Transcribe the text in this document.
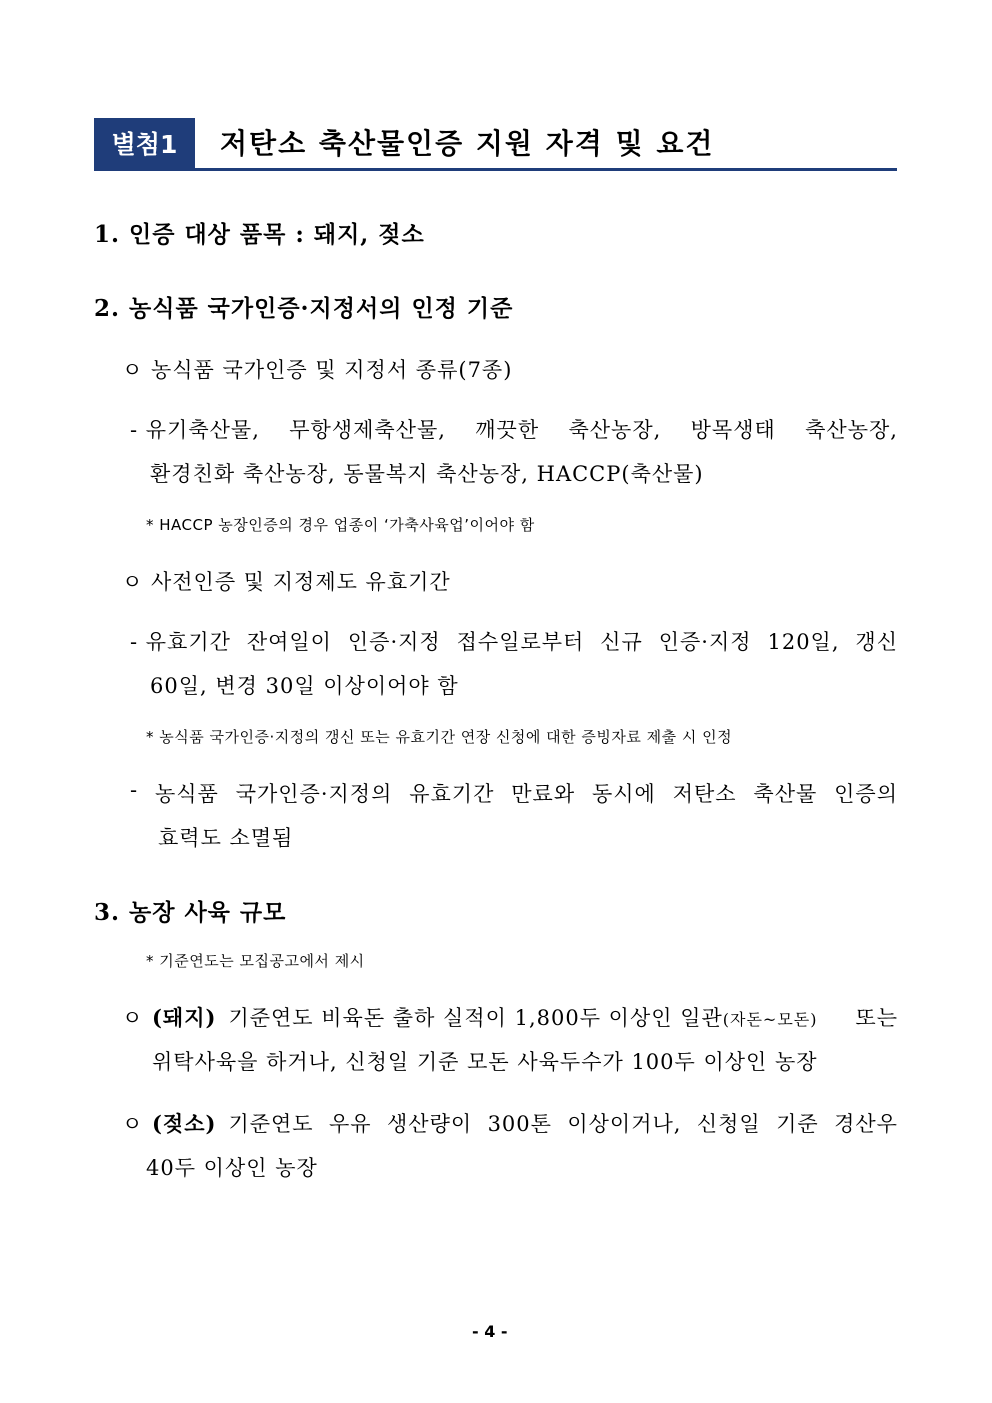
별첨1	저탄소 축산물인증 지원 자격 및 요건
1. 인증 대상 품목 : 돼지, 젖소
2. 농식품 국가인증·지정서의 인정 기준
ㅇ 농식품 국가인증 및 지정서 종류(7종)
- 유기축산물, 무항생제축산물, 깨끗한 축산농장, 방목생태 축산농장,
환경친화 축산농장, 동물복지 축산농장, HACCP(축산물)
* HACCP 농장인증의 경우 업종이 ‘가축사육업’이어야 함
ㅇ 사전인증 및 지정제도 유효기간
- 유효기간 잔여일이 인증·지정 접수일로부터 신규 인증·지정 120일, 갱신
60일, 변경 30일 이상이어야 함
* 농식품 국가인증·지정의 갱신 또는 유효기간 연장 신청에 대한 증빙자료 제출 시 인정
- 농식품 국가인증·지정의 유효기간 만료와 동시에 저탄소 축산물 인증의
효력도 소멸됨
3. 농장 사육 규모
* 기준연도는 모집공고에서 제시
ㅇ (돼지) 기준연도 비육돈 출하 실적이 1,800두 이상인 일관 (자돈~모돈) 또는
위탁사육을 하거나, 신청일 기준 모돈 사육두수가 100두 이상인 농장
ㅇ (젖소) 기준연도 우유 생산량이 300톤 이상이거나, 신청일 기준 경산우
40두 이상인 농장
- 4 -
